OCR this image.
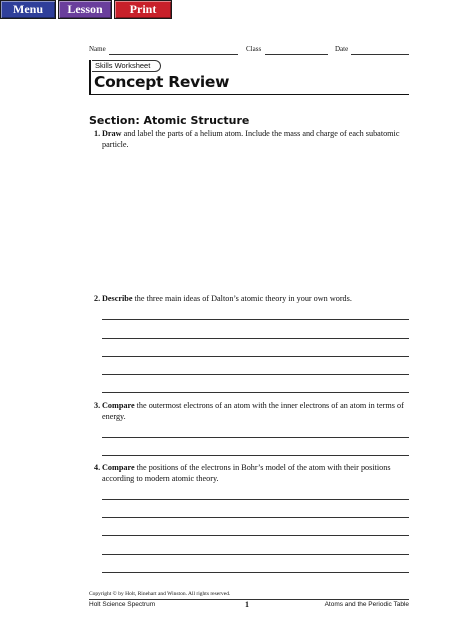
Menu	Lesson	Print
Name	Class	Date
Skills Worksheet
Concept Review
Section: Atomic Structure
1. Draw and label the parts of a helium atom. Include the mass and charge of each subatomic particle.
2. Describe the three main ideas of Dalton’s atomic theory in your own words.
3. Compare the outermost electrons of an atom with the inner electrons of an atom in terms of energy.
4. Compare the positions of the electrons in Bohr’s model of the atom with their positions according to modern atomic theory.
Copyright © by Holt, Rinehart and Winston. All rights reserved.
Holt Science Spectrum	1	Atoms and the Periodic Table
